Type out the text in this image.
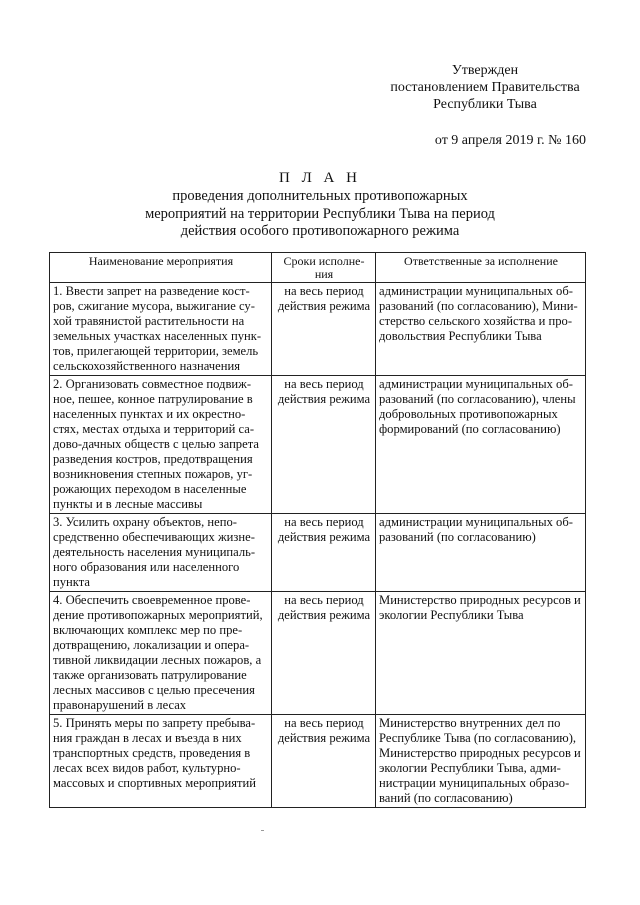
Утвержден
постановлением Правительства
Республики Тыва
от 9 апреля 2019 г. № 160
П Л А Н
проведения дополнительных противопожарных
мероприятий на территории Республики Тыва на период
действия особого противопожарного режима
Наименование мероприятия	Сроки исполне-ния	Ответственные за исполнение
1. Ввести запрет на разведение кост-ров, сжигание мусора, выжигание су-хой травянистой растительности на земельных участках населенных пунк-тов, прилегающей территории, земель сельскохозяйственного назначения	на весь период действия режима	администрации муниципальных об-разований (по согласованию), Мини-стерство сельского хозяйства и про-довольствия Республики Тыва
2. Организовать совместное подвиж-ное, пешее, конное патрулирование в населенных пунктах и их окрестно-стях, местах отдыха и территорий са-дово-дачных обществ с целью запрета разведения костров, предотвращения возникновения степных пожаров, уг-рожающих переходом в населенные пункты и в лесные массивы	на весь период действия режима	администрации муниципальных об-разований (по согласованию), члены добровольных противопожарных формирований (по согласованию)
3. Усилить охрану объектов, непо-средственно обеспечивающих жизне-деятельность населения муниципаль-ного образования или населенного пункта	на весь период действия режима	администрации муниципальных об-разований (по согласованию)
4. Обеспечить своевременное прове-дение противопожарных мероприятий, включающих комплекс мер по пре-дотвращению, локализации и опера-тивной ликвидации лесных пожаров, а также организовать патрулирование лесных массивов с целью пресечения правонарушений в лесах	на весь период действия режима	Министерство природных ресурсов и экологии Республики Тыва
5. Принять меры по запрету пребыва-ния граждан в лесах и въезда в них транспортных средств, проведения в лесах всех видов работ, культурно-массовых и спортивных мероприятий	на весь период действия режима	Министерство внутренних дел по Республике Тыва (по согласованию), Министерство природных ресурсов и экологии Республики Тыва, адми-нистрации муниципальных образо-ваний (по согласованию)
